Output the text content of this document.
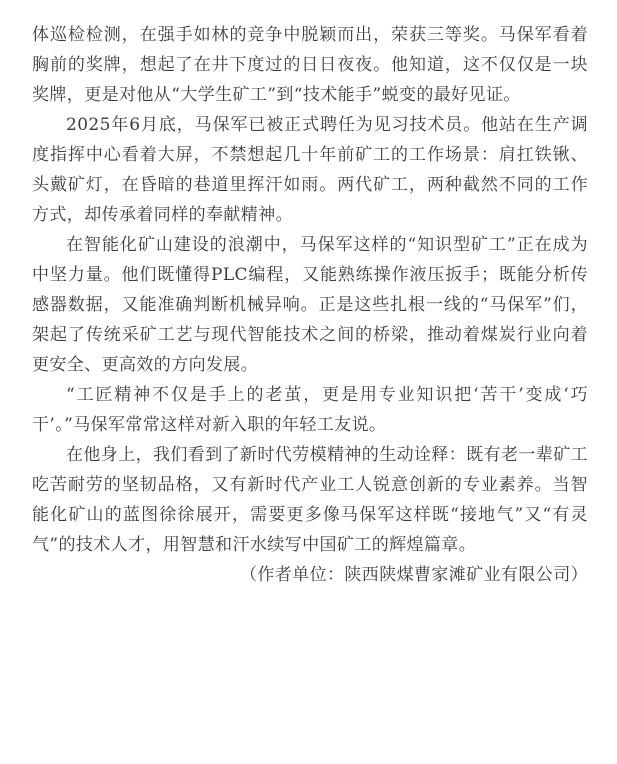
体巡检检测，在强手如林的竞争中脱颖而出，荣获三等奖。马保军看着胸前的奖牌，想起了在井下度过的日日夜夜。他知道，这不仅仅是一块奖牌，更是对他从“大学生矿工”到“技术能手”蜕变的最好见证。

2025年6月底，马保军已被正式聘任为见习技术员。他站在生产调度指挥中心看着大屏，不禁想起几十年前矿工的工作场景：肩扛铁锹、头戴矿灯，在昏暗的巷道里挥汗如雨。两代矿工，两种截然不同的工作方式，却传承着同样的奉献精神。

在智能化矿山建设的浪潮中，马保军这样的“知识型矿工”正在成为中坚力量。他们既懂得PLC编程，又能熟练操作液压扳手；既能分析传感器数据，又能准确判断机械异响。正是这些扎根一线的“马保军”们，架起了传统采矿工艺与现代智能技术之间的桥梁，推动着煤炭行业向着更安全、更高效的方向发展。

“工匠精神不仅是手上的老茧，更是用专业知识把‘苦干’变成‘巧干’。”马保军常常这样对新入职的年轻工友说。

在他身上，我们看到了新时代劳模精神的生动诠释：既有老一辈矿工吃苦耐劳的坚韧品格，又有新时代产业工人锐意创新的专业素养。当智能化矿山的蓝图徐徐展开，需要更多像马保军这样既“接地气”又“有灵气”的技术人才，用智慧和汗水续写中国矿工的辉煌篇章。

（作者单位：陕西陕煤曹家滩矿业有限公司）
